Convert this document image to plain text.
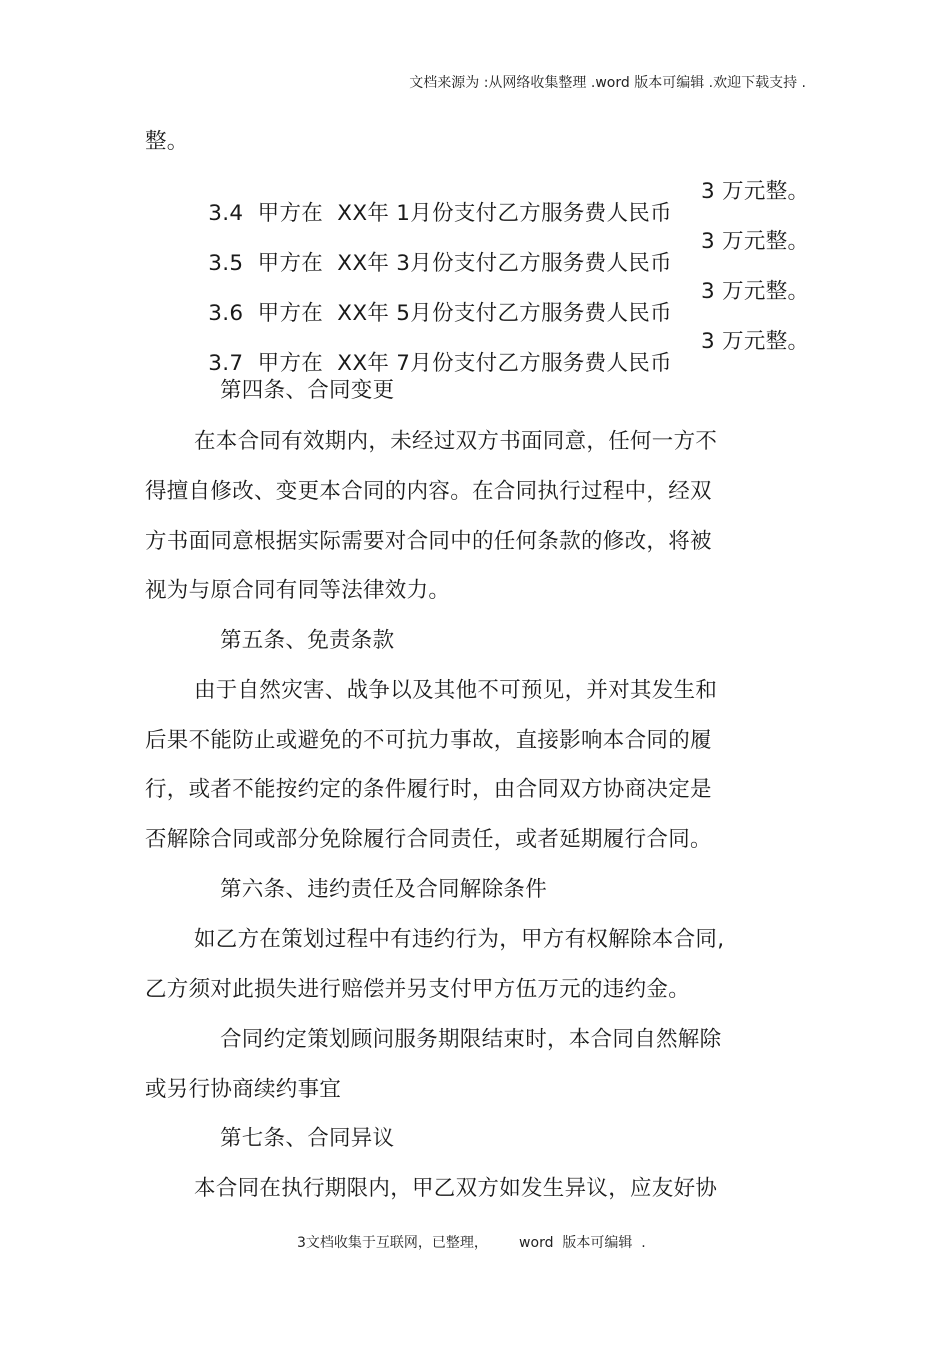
文档来源为 :从网络收集整理 .word 版本可编辑 .欢迎下载支持 .
整。

3.4  甲方在  XX年 1月份支付乙方服务费人民币
3 万元整。

3.5  甲方在  XX年 3月份支付乙方服务费人民币
3 万元整。

3.6  甲方在  XX年 5月份支付乙方服务费人民币
3 万元整。

3.7  甲方在  XX年 7月份支付乙方服务费人民币
3 万元整。

第四条、合同变更
在本合同有效期内，未经过双方书面同意，任何一方不
得擅自修改、变更本合同的内容。在合同执行过程中，经双
方书面同意根据实际需要对合同中的任何条款的修改，将被
视为与原合同有同等法律效力。
第五条、免责条款
由于自然灾害、战争以及其他不可预见，并对其发生和
后果不能防止或避免的不可抗力事故，直接影响本合同的履
行，或者不能按约定的条件履行时，由合同双方协商决定是
否解除合同或部分免除履行合同责任，或者延期履行合同。
第六条、违约责任及合同解除条件
如乙方在策划过程中有违约行为，甲方有权解除本合同,
乙方须对此损失进行赔偿并另支付甲方伍万元的违约金。
合同约定策划顾问服务期限结束时，本合同自然解除
或另行协商续约事宜
第七条、合同异议
本合同在执行期限内，甲乙双方如发生异议，应友好协
3文档收集于互联网，已整理，       word  版本可编辑  .
